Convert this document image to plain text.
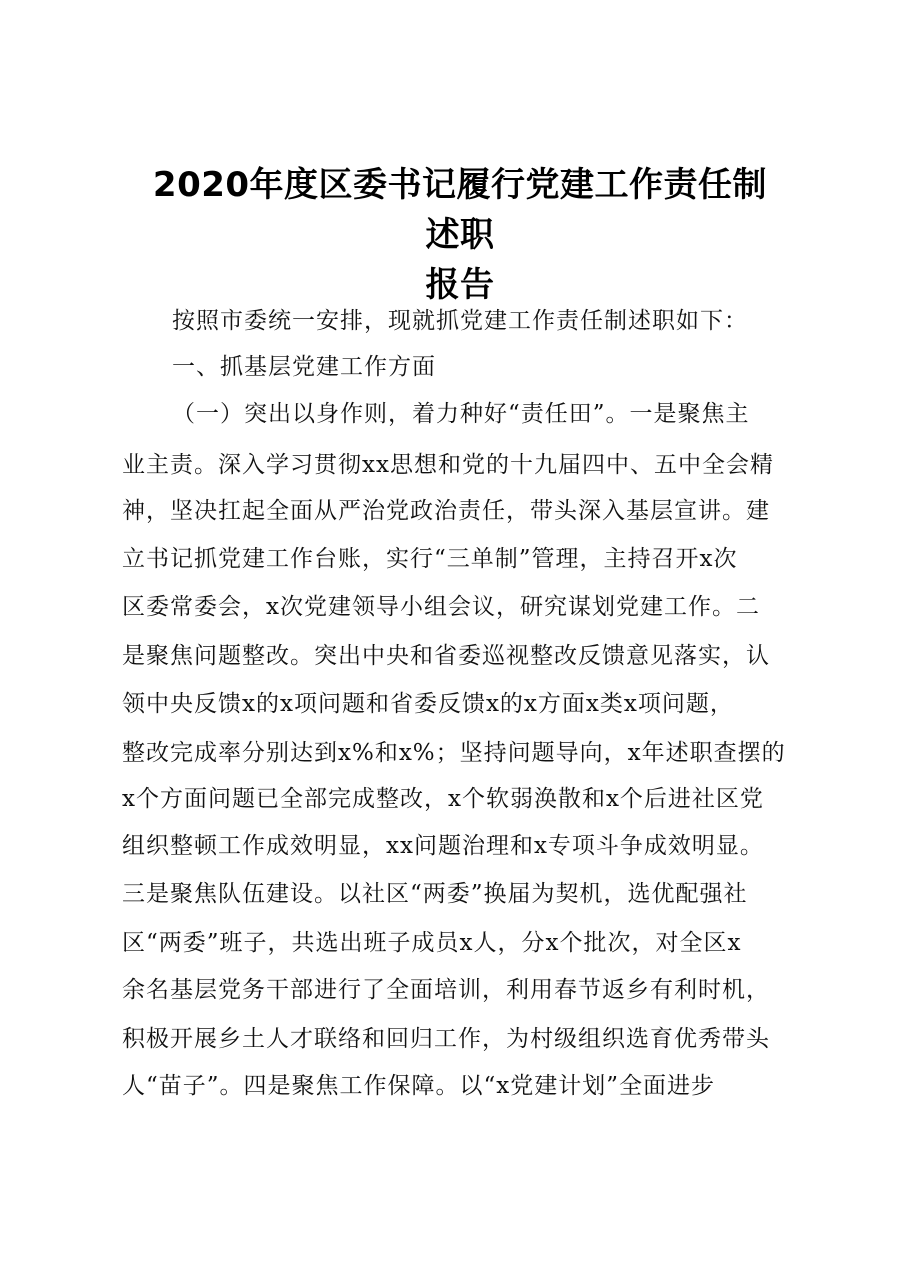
2020年度区委书记履行党建工作责任制述职
报告
按照市委统一安排，现就抓党建工作责任制述职如下：
一、抓基层党建工作方面
（一）突出以身作则，着力种好“责任田”。一是聚焦主
业主责。深入学习贯彻xx思想和党的十九届四中、五中全会精
神，坚决扛起全面从严治党政治责任，带头深入基层宣讲。建
立书记抓党建工作台账，实行“三单制”管理，主持召开x次
区委常委会，x次党建领导小组会议，研究谋划党建工作。二
是聚焦问题整改。突出中央和省委巡视整改反馈意见落实，认
领中央反馈x的x项问题和省委反馈x的x方面x类x项问题，
整改完成率分别达到x%和x%；坚持问题导向，x年述职查摆的
x个方面问题已全部完成整改，x个软弱涣散和x个后进社区党
组织整顿工作成效明显，xx问题治理和x专项斗争成效明显。
三是聚焦队伍建设。以社区“两委”换届为契机，选优配强社
区“两委”班子，共选出班子成员x人，分x个批次，对全区x
余名基层党务干部进行了全面培训，利用春节返乡有利时机，
积极开展乡土人才联络和回归工作，为村级组织选育优秀带头
人“苗子”。四是聚焦工作保障。以“x党建计划”全面进步
